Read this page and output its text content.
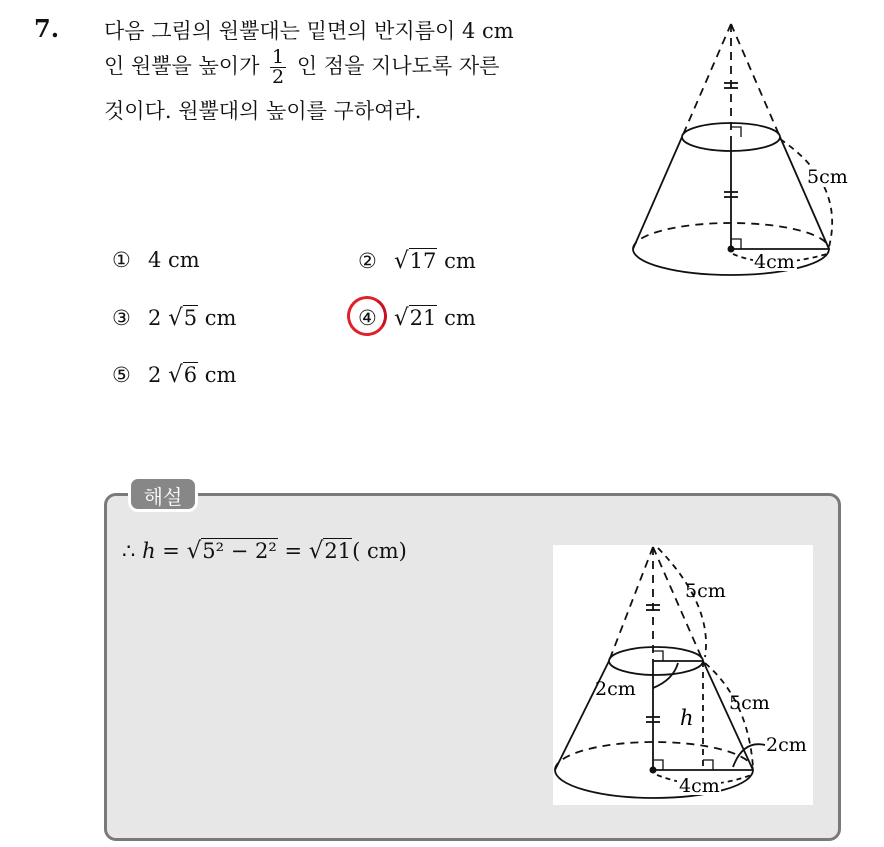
7. 다음 그림의 원뿔대는 밑면의 반지름이 4 cm
인 원뿔을 높이가 $\frac{1}{2}$ 인 점을 지나도록 자른
것이다. 원뿔대의 높이를 구하여라.
5cm
4cm
① 4 cm	② √17 cm
③ 2 √5 cm	④ √21 cm
⑤ 2 √6 cm
해설
∴ h = √5² − 2² = √21( cm)
5cm
2cm
5cm
h
2cm
4cm
